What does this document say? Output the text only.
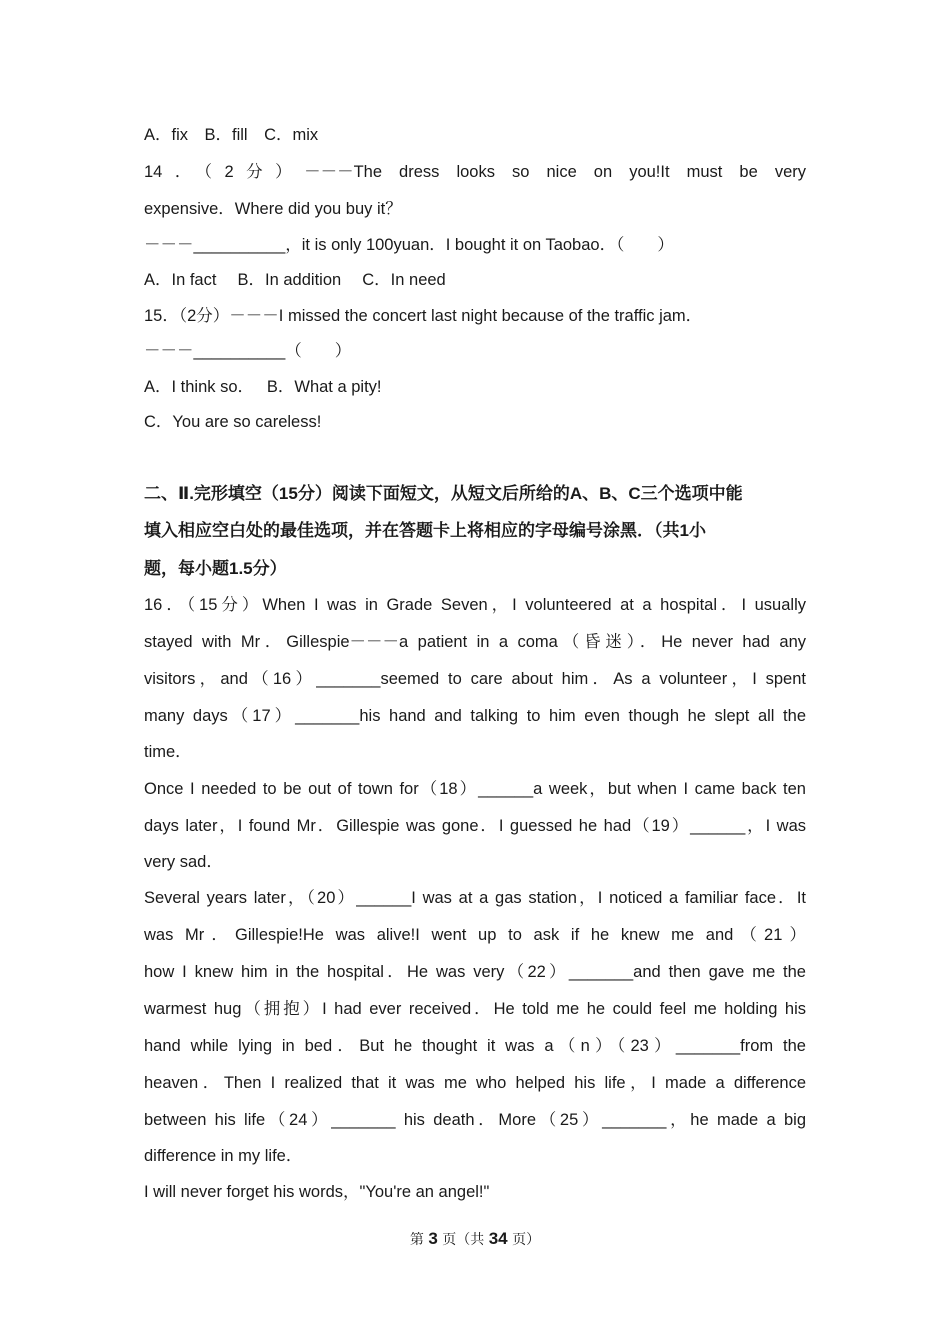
A．fix　B．fill　C．mix
14．（2分）－－－The dress looks so nice on you!It must be very
expensive．Where did you buy it？
－－－__________，it is only 100yuan．I bought it on Taobao．（　　）
A．In fact　 B．In addition　 C．In need
15．（2分）－－－I missed the concert last night because of the traffic jam．
－－－__________（　　）
A．I think so．　 B．What a pity!
C．You are so careless!
二、Ⅱ.完形填空（15分）阅读下面短文，从短文后所给的A、B、C三个选项中能
填入相应空白处的最佳选项，并在答题卡上将相应的字母编号涂黑．（共1小
题，每小题1.5分）
16．（15分）When I was in Grade Seven，I volunteered at a hospital．I usually
stayed with Mr．Gillespie－－－a patient in a coma（昏迷）．He never had any
visitors，and（16）_______seemed to care about him．As a volunteer，I spent
many days（17）_______his hand and talking to him even though he slept all the
time．
Once I needed to be out of town for（18）______a week，but when I came back ten
days later，I found Mr．Gillespie was gone．I guessed he had（19）______，I was
very sad．
Several years later，（20）______I was at a gas station，I noticed a familiar face．It
was Mr．Gillespie!He was alive!I went up to ask if he knew me and（21）
how I knew him in the hospital．He was very（22）_______and then gave me the
warmest hug（拥抱）I had ever received．He told me he could feel me holding his
hand while lying in bed．But he thought it was a（n）（23）_______from the
heaven．Then I realized that it was me who helped his life，I made a difference
between his life（24）_______ his death．More（25）_______，he made a big
difference in my life．
I will never forget his words，"You're an angel!"
第 3 页（共 34 页）
